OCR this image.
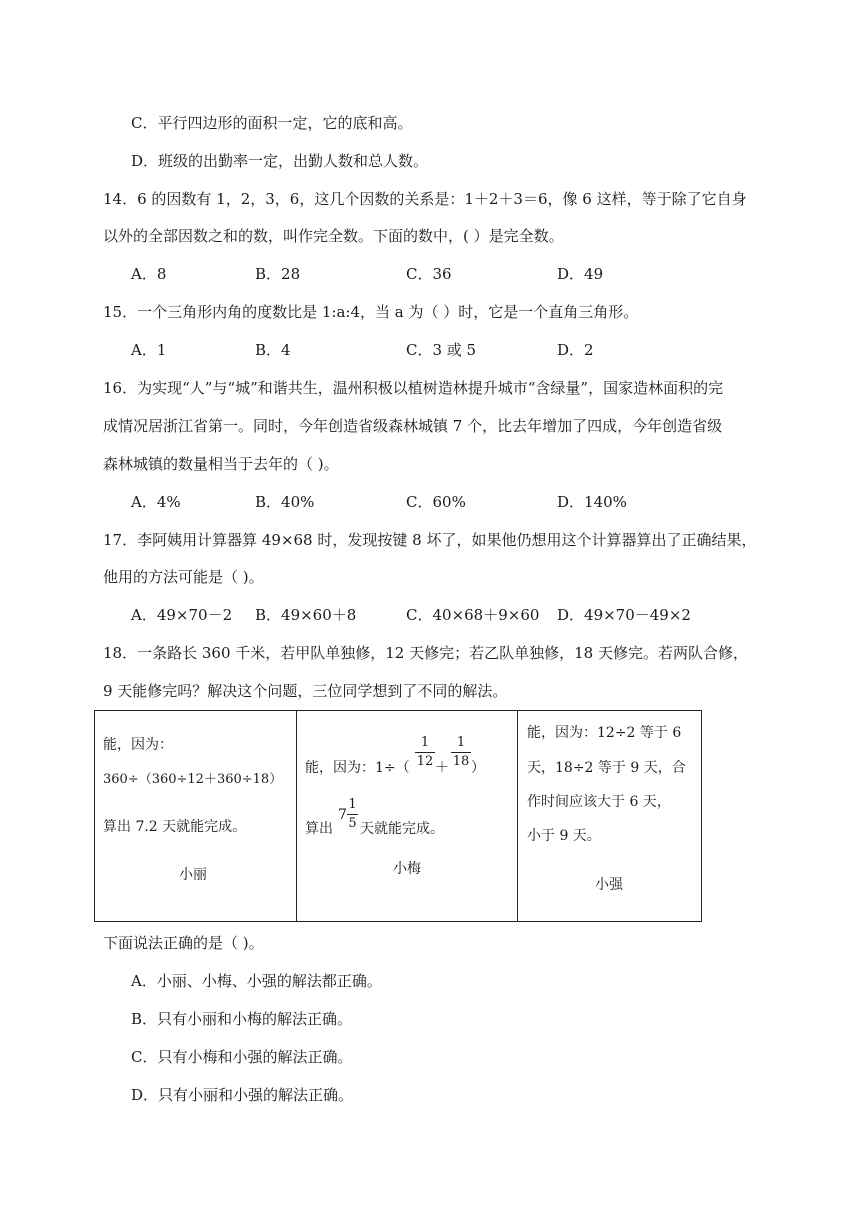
C．平行四边形的面积一定，它的底和高。
D．班级的出勤率一定，出勤人数和总人数。
14．6 的因数有 1，2，3，6，这几个因数的关系是：1＋2＋3＝6，像 6 这样，等于除了它自身
以外的全部因数之和的数，叫作完全数。下面的数中，( ）是完全数。
A．8	B．28	C．36	D．49
15．一个三角形内角的度数比是 1:a:4，当 a 为（ ）时，它是一个直角三角形。
A．1	B．4	C．3 或 5	D．2
16．为实现“人”与“城”和谐共生，温州积极以植树造林提升城市“含绿量”，国家造林面积的完
成情况居浙江省第一。同时，今年创造省级森林城镇 7 个，比去年增加了四成，今年创造省级
森林城镇的数量相当于去年的（ )。
A．4%	B．40%	C．60%	D．140%
17．李阿姨用计算器算 49×68 时，发现按键 8 坏了，如果他仍想用这个计算器算出了正确结果，
他用的方法可能是（ )。
A．49×70－2 B．49×60＋8	C．40×68＋9×60 D．49×70－49×2
18．一条路长 360 千米，若甲队单独修，12 天修完；若乙队单独修，18 天修完。若两队合修，
9 天能修完吗？解决这个问题，三位同学想到了不同的解法。
能，因为：
360÷（360÷12＋360÷18）
算出 7.2 天就能完成。
小丽
能，因为：1÷（
1
12 ＋
1
18 ）
算出
7
1
5 天就能完成。
小梅
能，因为：12÷2 等于 6
天，18÷2 等于 9 天，合
作时间应该大于 6 天，
小于 9 天。
小强
下面说法正确的是（ )。
A．小丽、小梅、小强的解法都正确。
B．只有小丽和小梅的解法正确。
C．只有小梅和小强的解法正确。
D．只有小丽和小强的解法正确。
